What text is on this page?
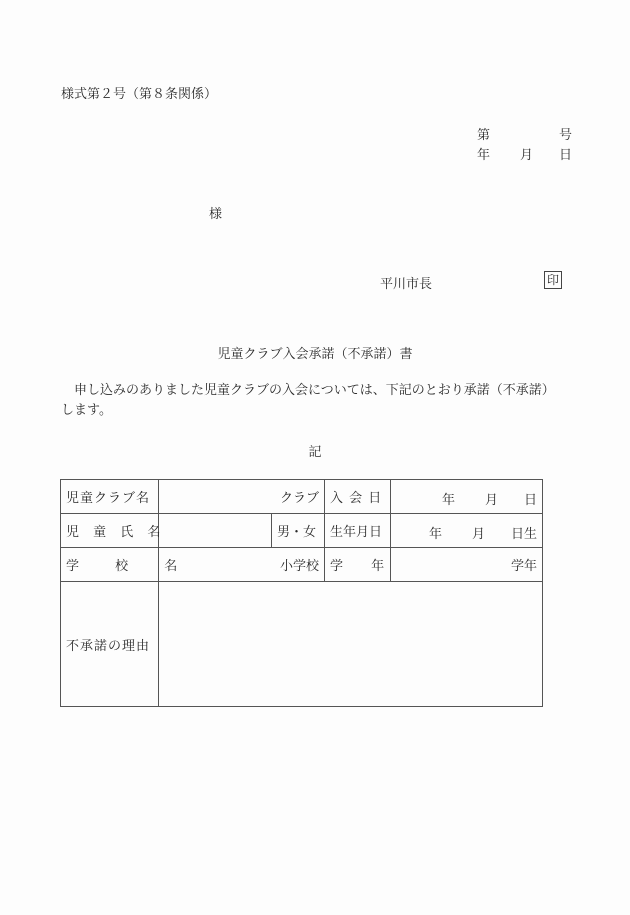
様式第２号（第８条関係）
第	号
年 月 日
様
平川市長	印
児童クラブ入会承諾（不承諾）書
申し込みのありました児童クラブの入会については、下記のとおり承諾（不承諾）します。
記
児童クラブ名	クラブ		入 会 日	年 月 日

児 童 氏 名		男・女	生年月日	年 月 日生

学 校 名	小学校		学 年	学年
不承諾の理由				
